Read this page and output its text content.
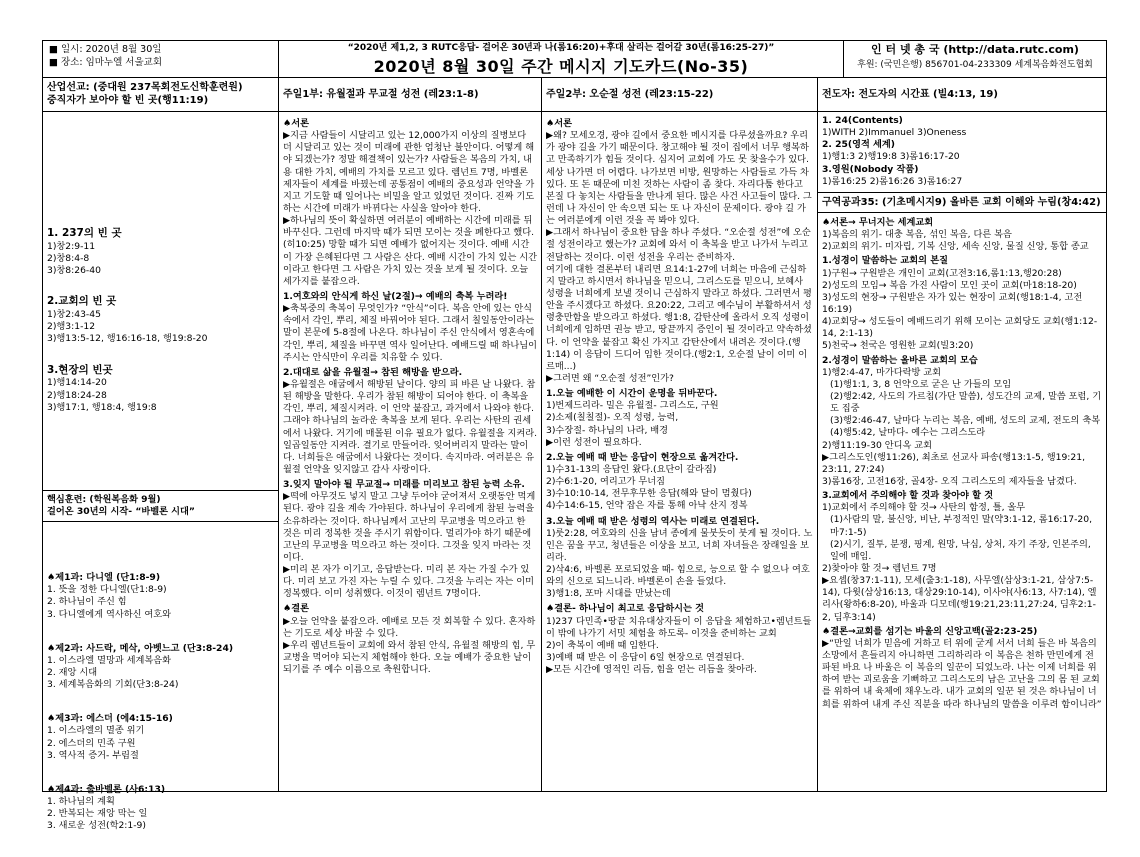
■ 일시: 2020년 8월 30일
■ 장소: 임마누엘 서울교회
“2020년 제1,2, 3 RUTC응답- 걸어온 30년과 나(롬16:20)+후대 살리는 걸어갈 30년(롬16:25-27)”
2020년 8월 30일 주간 메시지 기도카드(No-35)
인 터 넷 총 국 (http://data.rutc.com)
후원: (국민은행) 856701-04-233309 세계복음화전도협회
산업선교: (중대원 237목회전도신학훈련원)
중직자가 보아야 할 빈 곳(행11:19)
1. 237의 빈 곳
1)창2:9-11
2)창8:4-8
3)창8:26-40
2.교회의 빈 곳
1)창2:43-45
2)행3:1-12
3)행13:5-12, 행16:16-18, 행19:8-20
3.현장의 빈곳
1)행14:14-20
2)행18:24-28
3)행17:1, 행18:4, 행19:8
핵심훈련: (학원복음화 9월)
걸어온 30년의 시작- “바벨론 시대”
♠제1과: 다니엘 (단1:8-9)
1. 뜻을 정한 다니엘(단1:8-9)
2. 하나님이 주신 힘
3. 다니엘에게 역사하신 여호와
♠제2과: 사드락, 메삭, 아벳느고 (단3:8-24)
1. 이스라엘 멸망과 세계복음화
2. 재앙 시대
3. 세계복음화의 기회(단3:8-24)
♠제3과: 에스더 (에4:15-16)
1. 이스라엘의 멸종 위기
2. 에스더의 민족 구원
3. 역사적 증거- 부림절
♠제4과: 출바벨론 (사6:13)
1. 하나님의 계획
2. 반복되는 재앙 막는 일
3. 새로운 성전(학2:1-9)
주일1부: 유월절과 무교절 성전 (레23:1-8)
♠서론
▶지금 사람들이 시달리고 있는 12,000가지 이상의 질병보다 더 시달리고 있는 것이 미래에 관한 엄청난 불안이다. 어떻게 해야 되겠는가? 정말 해결책이 있는가? 사람들은 복음의 가치, 내용 대한 가치, 예배의 가치를 모르고 있다. 렘넌트 7명, 바벨론 제자들이 세계를 바꿨는데 공통점이 예배의 중요성과 언약을 가지고 기도할 때 일어나는 비밀을 알고 있었던 것이다. 진짜 기도하는 시간에 미래가 바뀌다는 사실을 알아야 한다.
▶하나님의 뜻이 확실하면 여러분이 예배하는 시간에 미래를 뒤바꾸신다. 그런데 마지막 때가 되면 모이는 것을 폐한다고 했다.(히10:25) 망할 때가 되면 예배가 없어지는 것이다. 예배 시간이 가장 은혜된다면 그 사람은 산다. 예배 시간이 가치 있는 시간이라고 한다면 그 사람은 가치 있는 것을 보게 될 것이다. 오늘 세가지를 붙잡으라.
1.여호와의 안식게 하신 날(2절)→ 예배의 축복 누려라!
▶축복중의 축복이 무엇인가? “안식”이다. 복음 안에 있는 안식속에서 각인, 뿌리, 체질 바꿔어야 된다. 그래서 칠일동안이라는 말이 본문에 5-8절에 나온다. 하나님이 주신 안식에서 영혼속에 각인, 뿌리, 체질을 바꾸면 역사 일어난다. 예배드릴 때 하나님이 주시는 안식만이 우리를 치유할 수 있다.
2.대대로 삶을 유월절→ 참된 해방을 받으라.
▶유월절은 애굽에서 해방된 날이다. 양의 피 바른 날 나왔다. 참된 해방을 말한다. 우리가 참된 해방이 되어야 한다. 이 축복을 각인, 뿌리, 체질시켜라. 이 언약 붙잡고, 과거에서 나와야 한다. 그래야 하나님의 놀라운 축복을 보게 된다. 우리는 사탄의 권세에서 나왔다. 거기에 매몰된 이유 필요가 없다. 유월절을 지켜라. 일곱일동안 지켜라. 결기로 만들어라. 잊어버리지 말라는 말이다. 너희들은 애굽에서 나왔다는 것이다. 속지마라. 여러분은 유월절 언약을 잊지않고 감사 사랑이다.
3.잊지 말아야 될 무교절→ 미래를 미리보고 참된 능력 소유.
▶떡에 아무것도 넣지 말고 그냥 두어야 굳어져서 오랫동안 먹게 된다. 광야 길을 계속 가야된다. 하나님이 우리에게 참된 능력을 소유하라는 것이다. 하나님께서 고난의 무교병을 먹으라고 한 것은 미리 정복한 것을 주시기 위함이다. 멀리가야 하기 때문에 고난의 무교병을 먹으라고 하는 것이다. 그것을 잊지 마라는 것이다.
▶미리 본 자가 이기고, 응답받는다. 미리 본 자는 가질 수가 있다. 미리 보고 가진 자는 누릴 수 있다. 그것을 누리는 자는 이미 정복했다. 이미 성취했다. 이것이 렘넌트 7명이다.
♠결론
▶오늘 언약을 붙잡으라. 예배로 모든 것 회복할 수 있다. 혼자하는 기도로 세상 바꿀 수 있다.
▶우리 렘넌트들이 교회에 와서 참된 안식, 유월절 해방의 힘, 무교병을 먹어야 되는지 체험해야 한다. 오늘 예배가 중요한 날이 되기를 주 예수 이름으로 축원합니다.
주일2부: 오순절 성전 (레23:15-22)
♠서론
▶왜? 모세오경, 광야 길에서 중요한 메시지를 다루셨을까요? 우리가 광야 길을 가기 때문이다. 창고해야 될 것이 집에서 너무 행복하고 만족하기가 힘들 것이다. 심지어 교회에 가도 못 찾을수가 있다. 세상 나가면 더 어렵다. 나가보면 비방, 원망하는 사람들로 가득 차 있다. 또 돈 때문에 미친 것하는 사람이 좀 찾다. 자리다툼 한다고 본질 다 놓치는 사람들을 만나게 된다. 많은 사건 사고들이 많다. 그런데 나 자신이 안 속으면 되는 또 나 자신이 문제이다. 광야 길 가는 여러분에게 이런 것을 꼭 봐야 있다.
▶그래서 하나님이 중요한 답을 하나 주셨다. “오순절 성전”에 오순절 성전이라고 했는가? 교회에 와서 이 축복을 받고 나가서 누리고 전달하는 것이다. 이런 성전을 우리는 준비하자.
여기에 대한 결론부터 내리면 요14:1-27에 너희는 마음에 근심하지 말라고 하시면서 하나님을 믿으니, 그리스도를 믿으니, 보혜사 성령을 너희에게 보낼 것이니 근심하지 말라고 하셨다. 그러면서 평안을 주시겠다고 하셨다. 요20:22, 그리고 예수님이 부활하셔서 성령충만함을 받으라고 하셨다. 행1:8, 감탄산에 올라서 오직 성령이 너희에게 임하면 권능 받고, 땅끝까지 증인이 될 것이라고 약속하셨다. 이 언약을 붙잡고 확신 가지고 감탄산에서 내려온 것이다.(행1:14) 이 응답이 드디어 임한 것이다.(행2:1, 오순절 날이 이미 이르매...)
▶그러면 왜 “오순절 성전”인가?
1.오늘 예배한 이 시간이 운명을 뒤바꾼다.
1)번제드리라- 밀은 유월절- 그리스도, 구원
2)소제(칠칠절)- 오직 성령, 능력,
3)수장절- 하나님의 나라, 배경
▶이런 성전이 필요하다.
2.오늘 예배 때 받는 응답이 현장으로 옮겨간다.
1)수31-13의 응답인 왔다.(요단이 갈라짐)
2)수6:1-20, 여리고가 무너짐
3)수10:10-14, 전무후무한 응답(해와 달이 멈췄다)
4)수14:6-15, 언약 잡은 자를 통해 아낙 산지 정복
3.오늘 예배 때 받은 성령의 역사는 미래로 연결된다.
1)룻2:28, 여호와의 신을 남녀 종에게 물붓듯이 붓게 될 것이다. 노인은 꿈을 꾸고, 청년들은 이상을 보고, 너희 자녀들은 장래일을 보리라.
2)삭4:6, 바벨론 포로되었을 때- 힘으로, 능으로 할 수 없으나 여호와의 신으로 되느니라. 바벨론이 손을 들었다.
3)행1:8, 포마 시대를 만났는데
♠결론- 하나님이 최고로 응답하시는 것
1)237 다민족•땅끝 치유대상자들이 이 응답을 체험하고•렘넌트들이 밖에 나가기 서밋 체험을 하도록- 이것을 준비하는 교회
2)이 축복이 예배 때 임한다.
3)예배 때 받은 이 응답이 6일 현장으로 연결된다.
▶모든 시간에 영적인 리듬, 힘을 얻는 리듬을 찾아라.
전도자: 전도자의 시간표 (빌4:13, 19)
1. 24(Contents)
1)WITH 2)Immanuel 3)Oneness
2. 25(영적 세계)
1)행1:3 2)행19:8 3)롬16:17-20
3.영원(Nobody 작품)
1)롬16:25 2)롬16:26 3)롬16:27
구역공과35: (기초메시지9) 올바른 교회 이해와 누림(창4:42)
♠서론→ 무너지는 세계교회
1)복음의 위기- 대충 복음, 섞인 복음, 다른 복음
2)교회의 위기- 미자립, 기복 신앙, 세속 신앙, 물질 신앙, 통합 종교
1.성경이 말씀하는 교회의 본질
1)구원→ 구원받은 개인이 교회(고전3:16,롬1:13,행20:28)
2)성도의 모임→ 복음 가진 사람이 모인 곳이 교회(마18:18-20)
3)성도의 현장→ 구원받은 자가 있는 현장이 교회(행18:1-4, 고전16:19)
4)교회당→ 성도들이 예배드리기 위해 모이는 교회당도 교회(행1:12-14, 2:1-13)
5)천국→ 천국은 영원한 교회(빌3:20)
2.성경이 말씀하는 올바른 교회의 모습
1)행2:4-47, 마가다락방 교회
(1)행1:1, 3, 8 언약으로 굳은 난 가들의 모임
(2)행2:42, 사도의 가르침(가단 말씀), 성도간의 교제, 말씀 포럼, 기도 집중
(3)행2:46-47, 날마다 누리는 복음, 예배, 성도의 교제, 전도의 축복
(4)행5:42, 날마다- 예수는 그리스도라
2)행11:19-30 안디옥 교회
▶그리스도인(행11:26), 최초로 선교사 파송(행13:1-5, 행19:21, 23:11, 27:24)
3)롬16장, 고전16장, 골4장- 오직 그리스도의 제자들을 남겼다.
3.교회에서 주의해야 할 것과 찾아야 할 것
1)교회에서 주의해야 할 것→ 사탄의 함정, 틀, 올무
(1)사람의 말, 불신앙, 비난, 부정적인 말(약3:1-12, 롬16:17-20, 마7:1-5)
(2)시기, 질투, 분쟁, 핑계, 원망, 낙심, 상처, 자기 주장, 인본주의, 일에 매임.
2)찾아야 할 것→ 렘넌트 7명
▶요셉(창37:1-11), 모세(출3:1-18), 사무엘(삼상3:1-21, 삼상7:5-14), 다윗(삼상16:13, 대상29:10-14), 이사야(사6:13, 사7:14), 엘리사(왕하6:8-20), 바울과 디모데(행19:21,23:11,27:24, 딤후2:1-2, 딤후3:14)
♠결론→교회를 섬기는 바울의 신앙고백(골2:23-25)
▶“만일 너희가 믿음에 거하고 터 위에 굳게 서서 너희 들은 바 복음의 소망에서 흔들리지 아니하면 그리하리라 이 복음은 천하 만민에게 전파된 바요 나 바울은 이 복음의 일꾼이 되었노라. 나는 이제 너희를 위하여 받는 괴로움을 기뻐하고 그리스도의 남은 고난을 그의 몸 된 교회를 위하여 내 육체에 채우노라. 내가 교회의 일꾼 된 것은 하나님이 너희를 위하여 내게 주신 직분을 따라 하나님의 말씀을 이루려 함이니라”
